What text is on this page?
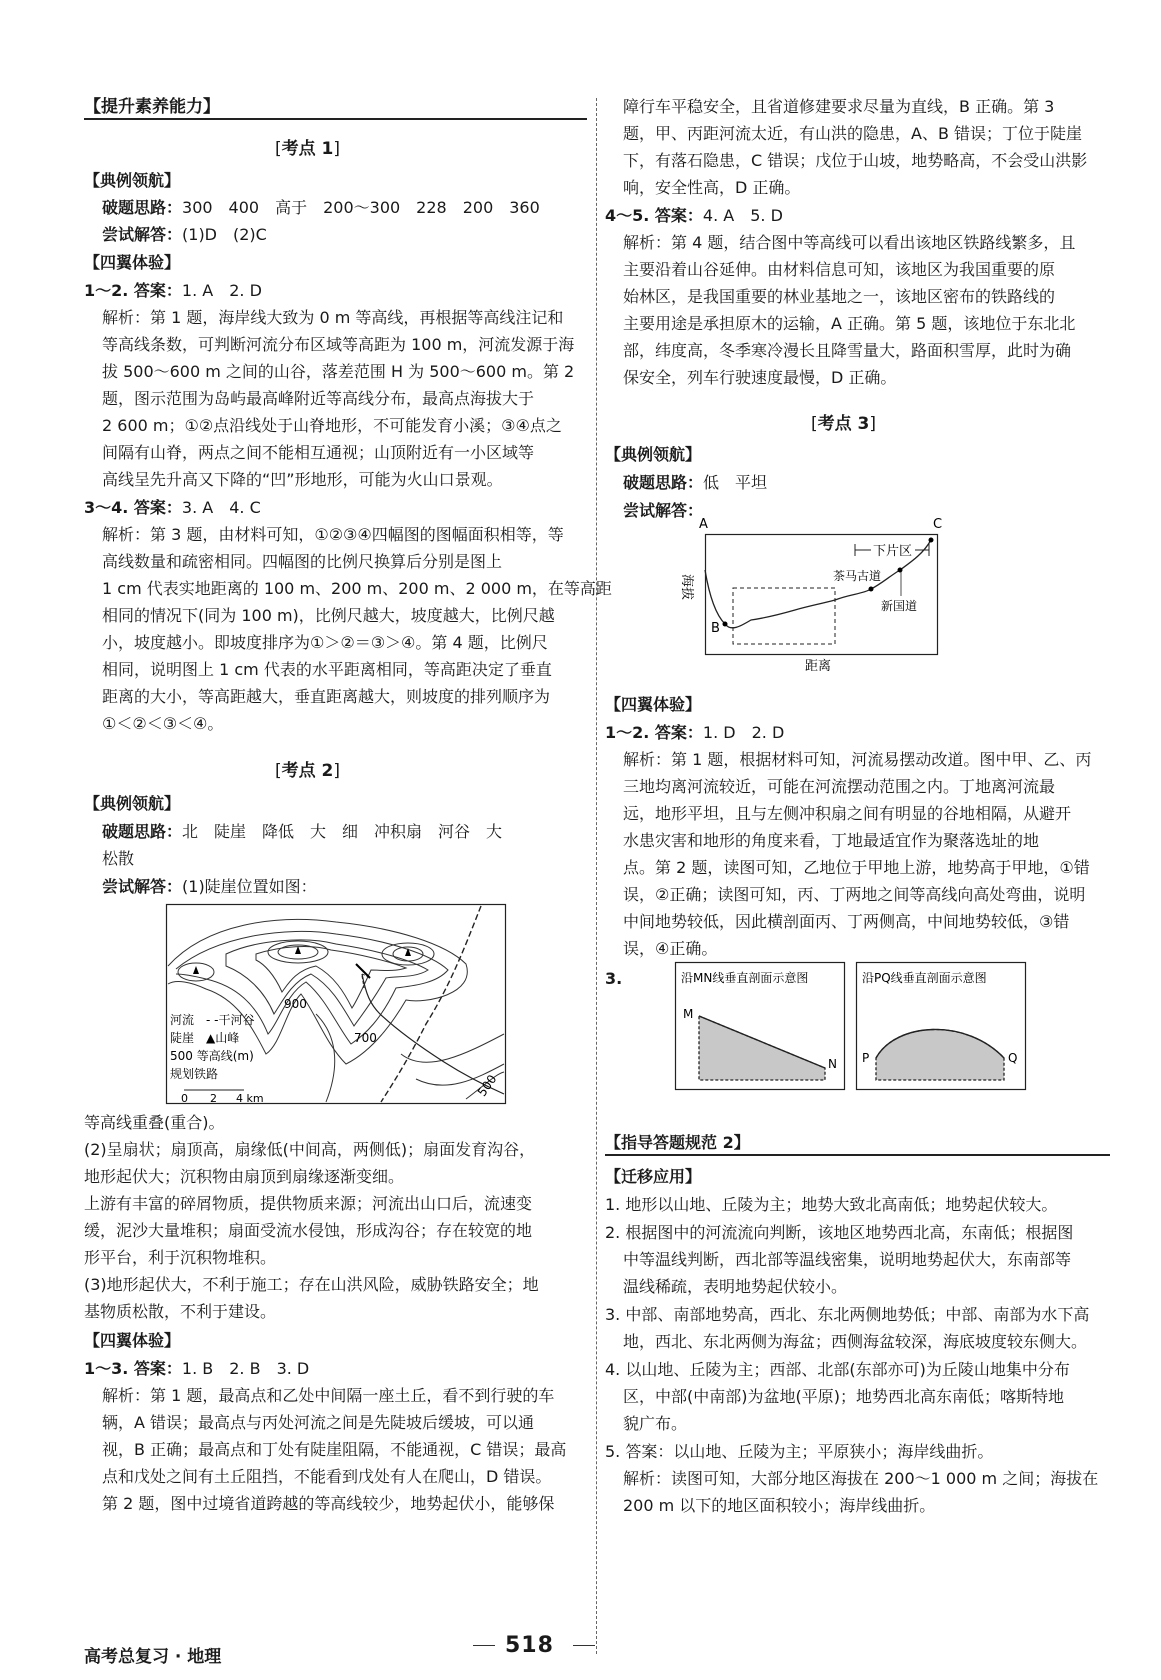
【提升素养能力】
[ 考点 1 ]
【典例领航】
破题思路：300　400　高于　200～300　228　200　360
尝试解答：(1)D　(2)C
【四翼体验】
1～2. 答案：1. A　2. D
解析：第 1 题，海岸线大致为 0 m 等高线，再根据等高线注记和
等高线条数，可判断河流分布区域等高距为 100 m，河流发源于海
拔 500～600 m 之间的山谷，落差范围 H 为 500～600 m。第 2
题，图示范围为岛屿最高峰附近等高线分布，最高点海拔大于
2 600 m；①②点沿线处于山脊地形，不可能发育小溪；③④点之
间隔有山脊，两点之间不能相互通视；山顶附近有一小区域等
高线呈先升高又下降的“凹”形地形，可能为火山口景观。
3～4. 答案：3. A　4. C
解析：第 3 题，由材料可知，①②③④四幅图的图幅面积相等，等
高线数量和疏密相同。四幅图的比例尺换算后分别是图上
1 cm 代表实地距离的 100 m、200 m、200 m、2 000 m，在等高距
相同的情况下(同为 100 m)，比例尺越大，坡度越大，比例尺越
小，坡度越小。即坡度排序为①＞②＝③＞④。第 4 题，比例尺
相同，说明图上 1 cm 代表的水平距离相同，等高距决定了垂直
距离的大小，等高距越大，垂直距离越大，则坡度的排列顺序为
①＜②＜③＜④。
[ 考点 2 ]
【典例领航】
破题思路：北　陡崖　降低　大　细　冲积扇　河谷　大
松散
尝试解答：(1)陡崖位置如图：
900
700
500
河流　- -干河谷
陡崖　▲山峰
500 等高线(m)
规划铁路
0 2 4 km
等高线重叠(重合)。
(2)呈扇状；扇顶高，扇缘低(中间高，两侧低)；扇面发育沟谷，
地形起伏大；沉积物由扇顶到扇缘逐渐变细。
上游有丰富的碎屑物质，提供物质来源；河流出山口后，流速变
缓，泥沙大量堆积；扇面受流水侵蚀，形成沟谷；存在较宽的地
形平台，利于沉积物堆积。
(3)地形起伏大，不利于施工；存在山洪风险，威胁铁路安全；地
基物质松散，不利于建设。
【四翼体验】
1～3. 答案：1. B　2. B　3. D
解析：第 1 题，最高点和乙处中间隔一座土丘，看不到行驶的车
辆，A 错误；最高点与丙处河流之间是先陡坡后缓坡，可以通
视，B 正确；最高点和丁处有陡崖阻隔，不能通视，C 错误；最高
点和戊处之间有土丘阻挡，不能看到戊处有人在爬山，D 错误。
第 2 题，图中过境省道跨越的等高线较少，地势起伏小，能够保
障行车平稳安全，且省道修建要求尽量为直线，B 正确。第 3
题，甲、丙距河流太近，有山洪的隐患，A、B 错误；丁位于陡崖
下，有落石隐患，C 错误；戊位于山坡，地势略高，不会受山洪影
响，安全性高，D 正确。
4～5. 答案：4. A　5. D
解析：第 4 题，结合图中等高线可以看出该地区铁路线繁多，且
主要沿着山谷延伸。由材料信息可知，该地区为我国重要的原
始林区，是我国重要的林业基地之一，该地区密布的铁路线的
主要用途是承担原木的运输，A 正确。第 5 题，该地位于东北北
部，纬度高，冬季寒冷漫长且降雪量大，路面积雪厚，此时为确
保安全，列车行驶速度最慢，D 正确。
[ 考点 3 ]
【典例领航】
破题思路：低　平坦
尝试解答：
下片区
A	C
B
茶马古道
新国道
海拔
距离
【四翼体验】
1～2. 答案：1. D　2. D
解析：第 1 题，根据材料可知，河流易摆动改道。图中甲、乙、丙
三地均离河流较近，可能在河流摆动范围之内。丁地离河流最
远，地形平坦，且与左侧冲积扇之间有明显的谷地相隔，从避开
水患灾害和地形的角度来看，丁地最适宜作为聚落选址的地
点。第 2 题，读图可知，乙地位于甲地上游，地势高于甲地，①错
误，②正确；读图可知，丙、丁两地之间等高线向高处弯曲，说明
中间地势较低，因此横剖面丙、丁两侧高，中间地势较低，③错
误，④正确。
3.	沿MN线垂直剖面示意图
M
N
沿PQ线垂直剖面示意图
P	Q
【指导答题规范 2】
【迁移应用】
1. 地形以山地、丘陵为主；地势大致北高南低；地势起伏较大。
2. 根据图中的河流流向判断，该地区地势西北高，东南低；根据图
中等温线判断，西北部等温线密集，说明地势起伏大，东南部等
温线稀疏，表明地势起伏较小。
3. 中部、南部地势高，西北、东北两侧地势低；中部、南部为水下高
地，西北、东北两侧为海盆；西侧海盆较深，海底坡度较东侧大。
4. 以山地、丘陵为主；西部、北部(东部亦可)为丘陵山地集中分布
区，中部(中南部)为盆地(平原)；地势西北高东南低；喀斯特地
貌广布。
5. 答案：以山地、丘陵为主；平原狭小；海岸线曲折。
解析：读图可知，大部分地区海拔在 200～1 000 m 之间；海拔在
200 m 以下的地区面积较小；海岸线曲折。
高考总复习 · 地理	518
